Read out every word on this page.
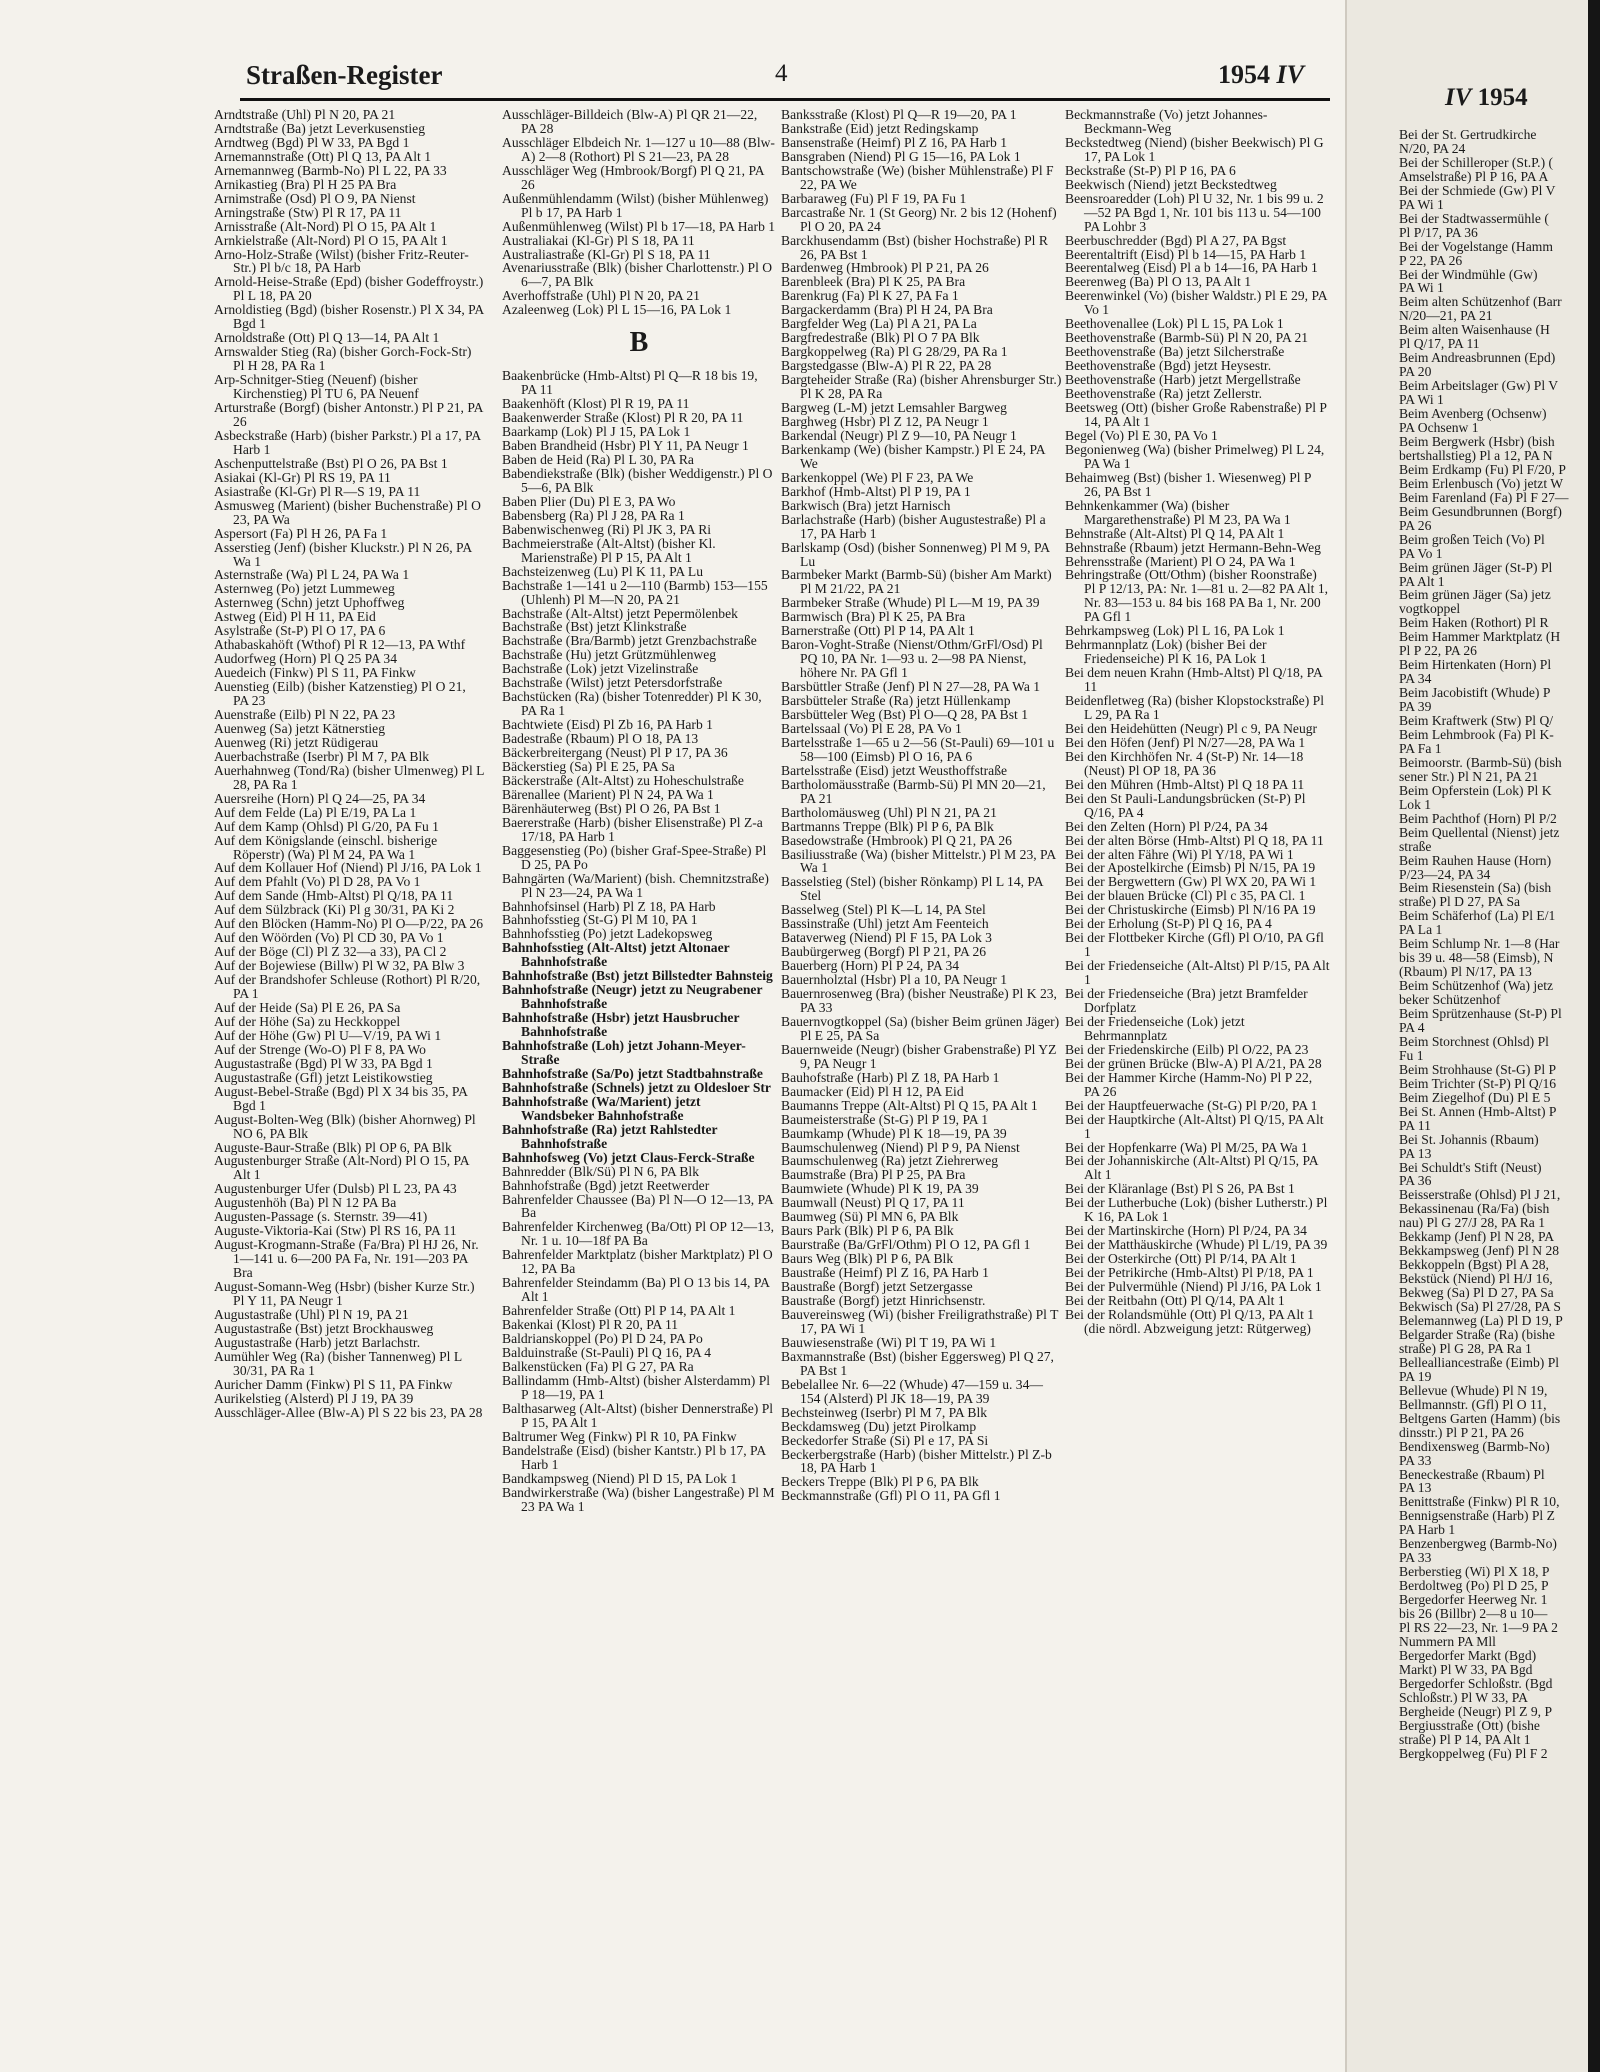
Straßen-Register	4	1954 IV

Arndtstraße (Uhl) Pl N 20, PA 21

Arndtstraße (Ba) jetzt Leverkusenstieg

Arndtweg (Bgd) Pl W 33, PA Bgd 1

Arnemannstraße (Ott) Pl Q 13, PA Alt 1

Arnemannweg (Barmb-No) Pl L 22, PA 33

Arnikastieg (Bra) Pl H 25 PA Bra

Arnimstraße (Osd) Pl O 9, PA Nienst

Arningstraße (Stw) Pl R 17, PA 11

Arnisstraße (Alt-Nord) Pl O 15, PA Alt 1

Arnkielstraße (Alt-Nord) Pl O 15, PA Alt 1

Arno-Holz-Straße (Wilst) (bisher Fritz-Reuter-Str.) Pl b/c 18, PA Harb

Arnold-Heise-Straße (Epd) (bisher Godeffroystr.) Pl L 18, PA 20

Arnoldistieg (Bgd) (bisher Rosenstr.) Pl X 34, PA Bgd 1

Arnoldstraße (Ott) Pl Q 13—14, PA Alt 1

Arnswalder Stieg (Ra) (bisher Gorch-Fock-Str) Pl H 28, PA Ra 1

Arp-Schnitger-Stieg (Neuenf) (bisher Kirchenstieg) Pl TU 6, PA Neuenf

Arturstraße (Borgf) (bisher Antonstr.) Pl P 21, PA 26

Asbeckstraße (Harb) (bisher Parkstr.) Pl a 17, PA Harb 1

Aschenputtelstraße (Bst) Pl O 26, PA Bst 1

Asiakai (Kl-Gr) Pl RS 19, PA 11

Asiastraße (Kl-Gr) Pl R—S 19, PA 11

Asmusweg (Marient) (bisher Buchenstraße) Pl O 23, PA Wa

Aspersort (Fa) Pl H 26, PA Fa 1

Asserstieg (Jenf) (bisher Kluckstr.) Pl N 26, PA Wa 1

Asternstraße (Wa) Pl L 24, PA Wa 1

Asternweg (Po) jetzt Lummeweg

Asternweg (Schn) jetzt Uphoffweg

Astweg (Eid) Pl H 11, PA Eid

Asylstraße (St-P) Pl O 17, PA 6

Athabaskahöft (Wthof) Pl R 12—13, PA Wthf

Audorfweg (Horn) Pl Q 25 PA 34

Auedeich (Finkw) Pl S 11, PA Finkw

Auenstieg (Eilb) (bisher Katzenstieg) Pl O 21, PA 23

Auenstraße (Eilb) Pl N 22, PA 23

Auenweg (Sa) jetzt Kätnerstieg

Auenweg (Ri) jetzt Rüdigerau

Auerbachstraße (Iserbr) Pl M 7, PA Blk

Auerhahnweg (Tond/Ra) (bisher Ulmenweg) Pl L 28, PA Ra 1

Auersreihe (Horn) Pl Q 24—25, PA 34

Auf dem Felde (La) Pl E/19, PA La 1

Auf dem Kamp (Ohlsd) Pl G/20, PA Fu 1

Auf dem Königslande (einschl. bisherige Röperstr) (Wa) Pl M 24, PA Wa 1

Auf dem Kollauer Hof (Niend) Pl J/16, PA Lok 1

Auf dem Pfahlt (Vo) Pl D 28, PA Vo 1

Auf dem Sande (Hmb-Altst) Pl Q/18, PA 11

Auf dem Sülzbrack (Ki) Pl g 30/31, PA Ki 2

Auf den Blöcken (Hamm-No) Pl O—P/22, PA 26

Auf den Wöörden (Vo) Pl CD 30, PA Vo 1

Auf der Böge (Cl) Pl Z 32—a 33), PA Cl 2

Auf der Bojewiese (Billw) Pl W 32, PA Blw 3

Auf der Brandshofer Schleuse (Rothort) Pl R/20, PA 1

Auf der Heide (Sa) Pl E 26, PA Sa

Auf der Höhe (Sa) zu Heckkoppel

Auf der Höhe (Gw) Pl U—V/19, PA Wi 1

Auf der Strenge (Wo-O) Pl F 8, PA Wo

Augustastraße (Bgd) Pl W 33, PA Bgd 1

Augustastraße (Gfl) jetzt Leistikowstieg

August-Bebel-Straße (Bgd) Pl X 34 bis 35, PA Bgd 1

August-Bolten-Weg (Blk) (bisher Ahornweg) Pl NO 6, PA Blk

Auguste-Baur-Straße (Blk) Pl OP 6, PA Blk

Augustenburger Straße (Alt-Nord) Pl O 15, PA Alt 1

Augustenburger Ufer (Dulsb) Pl L 23, PA 43

Augustenhöh (Ba) Pl N 12 PA Ba

Augusten-Passage (s. Sternstr. 39—41)

Auguste-Viktoria-Kai (Stw) Pl RS 16, PA 11

August-Krogmann-Straße (Fa/Bra) Pl HJ 26, Nr. 1—141 u. 6—200 PA Fa, Nr. 191—203 PA Bra

August-Somann-Weg (Hsbr) (bisher Kurze Str.) Pl Y 11, PA Neugr 1

Augustastraße (Uhl) Pl N 19, PA 21

Augustastraße (Bst) jetzt Brockhausweg

Augustastraße (Harb) jetzt Barlachstr.

Aumühler Weg (Ra) (bisher Tannenweg) Pl L 30/31, PA Ra 1

Auricher Damm (Finkw) Pl S 11, PA Finkw

Aurikelstieg (Alsterd) Pl J 19, PA 39

Ausschläger-Allee (Blw-A) Pl S 22 bis 23, PA 28

Ausschläger-Billdeich (Blw-A) Pl QR 21—22, PA 28

Ausschläger Elbdeich Nr. 1—127 u 10—88 (Blw-A) 2—8 (Rothort) Pl S 21—23, PA 28

Ausschläger Weg (Hmbrook/Borgf) Pl Q 21, PA 26

Außenmühlendamm (Wilst) (bisher Mühlenweg) Pl b 17, PA Harb 1

Außenmühlenweg (Wilst) Pl b 17—18, PA Harb 1

Australiakai (Kl-Gr) Pl S 18, PA 11

Australiastraße (Kl-Gr) Pl S 18, PA 11

Avenariusstraße (Blk) (bisher Charlottenstr.) Pl O 6—7, PA Blk

Averhoffstraße (Uhl) Pl N 20, PA 21

Azaleenweg (Lok) Pl L 15—16, PA Lok 1

B

Baakenbrücke (Hmb-Altst) Pl Q—R 18 bis 19, PA 11

Baakenhöft (Klost) Pl R 19, PA 11

Baakenwerder Straße (Klost) Pl R 20, PA 11

Baarkamp (Lok) Pl J 15, PA Lok 1

Baben Brandheid (Hsbr) Pl Y 11, PA Neugr 1

Baben de Heid (Ra) Pl L 30, PA Ra

Babendiekstraße (Blk) (bisher Weddigenstr.) Pl O 5—6, PA Blk

Baben Plier (Du) Pl E 3, PA Wo

Babensberg (Ra) Pl J 28, PA Ra 1

Babenwischenweg (Ri) Pl JK 3, PA Ri

Bachmeierstraße (Alt-Altst) (bisher Kl. Marienstraße) Pl P 15, PA Alt 1

Bachsteizenweg (Lu) Pl K 11, PA Lu

Bachstraße 1—141 u 2—110 (Barmb) 153—155 (Uhlenh) Pl M—N 20, PA 21

Bachstraße (Alt-Altst) jetzt Pepermölenbek

Bachstraße (Bst) jetzt Klinkstraße

Bachstraße (Bra/Barmb) jetzt Grenzbachstraße

Bachstraße (Hu) jetzt Grützmühlenweg

Bachstraße (Lok) jetzt Vizelinstraße

Bachstraße (Wilst) jetzt Petersdorfstraße

Bachstücken (Ra) (bisher Totenredder) Pl K 30, PA Ra 1

Bachtwiete (Eisd) Pl Zb 16, PA Harb 1

Badestraße (Rbaum) Pl O 18, PA 13

Bäckerbreitergang (Neust) Pl P 17, PA 36

Bäckerstieg (Sa) Pl E 25, PA Sa

Bäckerstraße (Alt-Altst) zu Hoheschulstraße

Bärenallee (Marient) Pl N 24, PA Wa 1

Bärenhäuterweg (Bst) Pl O 26, PA Bst 1

Baererstraße (Harb) (bisher Elisenstraße) Pl Z-a 17/18, PA Harb 1

Baggesenstieg (Po) (bisher Graf-Spee-Straße) Pl D 25, PA Po

Bahngärten (Wa/Marient) (bish. Chemnitzstraße) Pl N 23—24, PA Wa 1

Bahnhofsinsel (Harb) Pl Z 18, PA Harb

Bahnhofsstieg (St-G) Pl M 10, PA 1

Bahnhofsstieg (Po) jetzt Ladekopsweg

Bahnhofsstieg (Alt-Altst) jetzt Altonaer Bahnhofstraße

Bahnhofstraße (Bst) jetzt Billstedter Bahnsteig

Bahnhofstraße (Neugr) jetzt zu Neugrabener Bahnhofstraße

Bahnhofstraße (Hsbr) jetzt Hausbrucher Bahnhofstraße

Bahnhofstraße (Loh) jetzt Johann-Meyer-Straße

Bahnhofstraße (Sa/Po) jetzt Stadtbahnstraße

Bahnhofstraße (Schnels) jetzt zu Oldesloer Str

Bahnhofstraße (Wa/Marient) jetzt Wandsbeker Bahnhofstraße

Bahnhofstraße (Ra) jetzt Rahlstedter Bahnhofstraße

Bahnhofsweg (Vo) jetzt Claus-Ferck-Straße

Bahnredder (Blk/Sü) Pl N 6, PA Blk

Bahnhofstraße (Bgd) jetzt Reetwerder

Bahrenfelder Chaussee (Ba) Pl N—O 12—13, PA Ba

Bahrenfelder Kirchenweg (Ba/Ott) Pl OP 12—13, Nr. 1 u. 10—18f PA Ba

Bahrenfelder Marktplatz (bisher Marktplatz) Pl O 12, PA Ba

Bahrenfelder Steindamm (Ba) Pl O 13 bis 14, PA Alt 1

Bahrenfelder Straße (Ott) Pl P 14, PA Alt 1

Bakenkai (Klost) Pl R 20, PA 11

Baldrianskoppel (Po) Pl D 24, PA Po

Balduinstraße (St-Pauli) Pl Q 16, PA 4

Balkenstücken (Fa) Pl G 27, PA Ra

Ballindamm (Hmb-Altst) (bisher Alsterdamm) Pl P 18—19, PA 1

Balthasarweg (Alt-Altst) (bisher Dennerstraße) Pl P 15, PA Alt 1

Baltrumer Weg (Finkw) Pl R 10, PA Finkw

Bandelstraße (Eisd) (bisher Kantstr.) Pl b 17, PA Harb 1

Bandkampsweg (Niend) Pl D 15, PA Lok 1

Bandwirkerstraße (Wa) (bisher Langestraße) Pl M 23 PA Wa 1

Banksstraße (Klost) Pl Q—R 19—20, PA 1

Bankstraße (Eid) jetzt Redingskamp

Bansenstraße (Heimf) Pl Z 16, PA Harb 1

Bansgraben (Niend) Pl G 15—16, PA Lok 1

Bantschowstraße (We) (bisher Mühlenstraße) Pl F 22, PA We

Barbaraweg (Fu) Pl F 19, PA Fu 1

Barcastraße Nr. 1 (St Georg) Nr. 2 bis 12 (Hohenf) Pl O 20, PA 24

Barckhusendamm (Bst) (bisher Hochstraße) Pl R 26, PA Bst 1

Bardenweg (Hmbrook) Pl P 21, PA 26

Barenbleek (Bra) Pl K 25, PA Bra

Barenkrug (Fa) Pl K 27, PA Fa 1

Bargackerdamm (Bra) Pl H 24, PA Bra

Bargfelder Weg (La) Pl A 21, PA La

Bargfredestraße (Blk) Pl O 7 PA Blk

Bargkoppelweg (Ra) Pl G 28/29, PA Ra 1

Bargstedgasse (Blw-A) Pl R 22, PA 28

Bargteheider Straße (Ra) (bisher Ahrensburger Str.) Pl K 28, PA Ra

Bargweg (L-M) jetzt Lemsahler Bargweg

Barghweg (Hsbr) Pl Z 12, PA Neugr 1

Barkendal (Neugr) Pl Z 9—10, PA Neugr 1

Barkenkamp (We) (bisher Kampstr.) Pl E 24, PA We

Barkenkoppel (We) Pl F 23, PA We

Barkhof (Hmb-Altst) Pl P 19, PA 1

Barkwisch (Bra) jetzt Harnisch

Barlachstraße (Harb) (bisher Augustestraße) Pl a 17, PA Harb 1

Barlskamp (Osd) (bisher Sonnenweg) Pl M 9, PA Lu

Barmbeker Markt (Barmb-Sü) (bisher Am Markt) Pl M 21/22, PA 21

Barmbeker Straße (Whude) Pl L—M 19, PA 39

Barmwisch (Bra) Pl K 25, PA Bra

Barnerstraße (Ott) Pl P 14, PA Alt 1

Baron-Voght-Straße (Nienst/Othm/GrFl/Osd) Pl PQ 10, PA Nr. 1—93 u. 2—98 PA Nienst, höhere Nr. PA Gfl 1

Barsbüttler Straße (Jenf) Pl N 27—28, PA Wa 1

Barsbütteler Straße (Ra) jetzt Hüllenkamp

Barsbütteler Weg (Bst) Pl O—Q 28, PA Bst 1

Bartelssaal (Vo) Pl E 28, PA Vo 1

Bartelsstraße 1—65 u 2—56 (St-Pauli) 69—101 u 58—100 (Eimsb) Pl O 16, PA 6

Bartelsstraße (Eisd) jetzt Weusthoffstraße

Bartholomäusstraße (Barmb-Sü) Pl MN 20—21, PA 21

Bartholomäusweg (Uhl) Pl N 21, PA 21

Bartmanns Treppe (Blk) Pl P 6, PA Blk

Basedowstraße (Hmbrook) Pl Q 21, PA 26

Basiliusstraße (Wa) (bisher Mittelstr.) Pl M 23, PA Wa 1

Basselstieg (Stel) (bisher Rönkamp) Pl L 14, PA Stel

Basselweg (Stel) Pl K—L 14, PA Stel

Bassinstraße (Uhl) jetzt Am Feenteich

Bataverweg (Niend) Pl F 15, PA Lok 3

Baubürgerweg (Borgf) Pl P 21, PA 26

Bauerberg (Horn) Pl P 24, PA 34

Bauernholztal (Hsbr) Pl a 10, PA Neugr 1

Bauernrosenweg (Bra) (bisher Neustraße) Pl K 23, PA 33

Bauernvogtkoppel (Sa) (bisher Beim grünen Jäger) Pl E 25, PA Sa

Bauernweide (Neugr) (bisher Grabenstraße) Pl YZ 9, PA Neugr 1

Bauhofstraße (Harb) Pl Z 18, PA Harb 1

Baumacker (Eid) Pl H 12, PA Eid

Baumanns Treppe (Alt-Altst) Pl Q 15, PA Alt 1

Baumeisterstraße (St-G) Pl P 19, PA 1

Baumkamp (Whude) Pl K 18—19, PA 39

Baumschulenweg (Niend) Pl P 9, PA Nienst

Baumschulenweg (Ra) jetzt Ziehrerweg

Baumstraße (Bra) Pl P 25, PA Bra

Baumwiete (Whude) Pl K 19, PA 39

Baumwall (Neust) Pl Q 17, PA 11

Baumweg (Sü) Pl MN 6, PA Blk

Baurs Park (Blk) Pl P 6, PA Blk

Baurstraße (Ba/GrFl/Othm) Pl O 12, PA Gfl 1

Baurs Weg (Blk) Pl P 6, PA Blk

Baustraße (Heimf) Pl Z 16, PA Harb 1

Baustraße (Borgf) jetzt Setzergasse

Baustraße (Borgf) jetzt Hinrichsenstr.

Bauvereinsweg (Wi) (bisher Freiligrathstraße) Pl T 17, PA Wi 1

Bauwiesenstraße (Wi) Pl T 19, PA Wi 1

Baxmannstraße (Bst) (bisher Eggersweg) Pl Q 27, PA Bst 1

Bebelallee Nr. 6—22 (Whude) 47—159 u. 34—154 (Alsterd) Pl JK 18—19, PA 39

Bechsteinweg (Iserbr) Pl M 7, PA Blk

Beckdamsweg (Du) jetzt Pirolkamp

Beckedorfer Straße (Si) Pl e 17, PA Si

Beckerbergstraße (Harb) (bisher Mittelstr.) Pl Z-b 18, PA Harb 1

Beckers Treppe (Blk) Pl P 6, PA Blk

Beckmannstraße (Gfl) Pl O 11, PA Gfl 1

Beckmannstraße (Vo) jetzt Johannes-Beckmann-Weg

Beckstedtweg (Niend) (bisher Beekwisch) Pl G 17, PA Lok 1

Beckstraße (St-P) Pl P 16, PA 6

Beekwisch (Niend) jetzt Beckstedtweg

Beensroaredder (Loh) Pl U 32, Nr. 1 bis 99 u. 2—52 PA Bgd 1, Nr. 101 bis 113 u. 54—100 PA Lohbr 3

Beerbuschredder (Bgd) Pl A 27, PA Bgst

Beerentaltrift (Eisd) Pl b 14—15, PA Harb 1

Beerentalweg (Eisd) Pl a b 14—16, PA Harb 1

Beerenweg (Ba) Pl O 13, PA Alt 1

Beerenwinkel (Vo) (bisher Waldstr.) Pl E 29, PA Vo 1

Beethovenallee (Lok) Pl L 15, PA Lok 1

Beethovenstraße (Barmb-Sü) Pl N 20, PA 21

Beethovenstraße (Ba) jetzt Silcherstraße

Beethovenstraße (Bgd) jetzt Heysestr.

Beethovenstraße (Harb) jetzt Mergellstraße

Beethovenstraße (Ra) jetzt Zellerstr.

Beetsweg (Ott) (bisher Große Rabenstraße) Pl P 14, PA Alt 1

Begel (Vo) Pl E 30, PA Vo 1

Begonienweg (Wa) (bisher Primelweg) Pl L 24, PA Wa 1

Behaimweg (Bst) (bisher 1. Wiesenweg) Pl P 26, PA Bst 1

Behnkenkammer (Wa) (bisher Margarethenstraße) Pl M 23, PA Wa 1

Behnstraße (Alt-Altst) Pl Q 14, PA Alt 1

Behnstraße (Rbaum) jetzt Hermann-Behn-Weg

Behrensstraße (Marient) Pl O 24, PA Wa 1

Behringstraße (Ott/Othm) (bisher Roonstraße) Pl P 12/13, PA: Nr. 1—81 u. 2—82 PA Alt 1, Nr. 83—153 u. 84 bis 168 PA Ba 1, Nr. 200 PA Gfl 1

Behrkampsweg (Lok) Pl L 16, PA Lok 1

Behrmannplatz (Lok) (bisher Bei der Friedenseiche) Pl K 16, PA Lok 1

Bei dem neuen Krahn (Hmb-Altst) Pl Q/18, PA 11

Beidenfletweg (Ra) (bisher Klopstockstraße) Pl L 29, PA Ra 1

Bei den Heidehütten (Neugr) Pl c 9, PA Neugr

Bei den Höfen (Jenf) Pl N/27—28, PA Wa 1

Bei den Kirchhöfen Nr. 4 (St-P) Nr. 14—18 (Neust) Pl OP 18, PA 36

Bei den Mühren (Hmb-Altst) Pl Q 18 PA 11

Bei den St Pauli-Landungsbrücken (St-P) Pl Q/16, PA 4

Bei den Zelten (Horn) Pl P/24, PA 34

Bei der alten Börse (Hmb-Altst) Pl Q 18, PA 11

Bei der alten Fähre (Wi) Pl Y/18, PA Wi 1

Bei der Apostelkirche (Eimsb) Pl N/15, PA 19

Bei der Bergwettern (Gw) Pl WX 20, PA Wi 1

Bei der blauen Brücke (Cl) Pl c 35, PA Cl. 1

Bei der Christuskirche (Eimsb) Pl N/16 PA 19

Bei der Erholung (St-P) Pl Q 16, PA 4

Bei der Flottbeker Kirche (Gfl) Pl O/10, PA Gfl 1

Bei der Friedenseiche (Alt-Altst) Pl P/15, PA Alt 1

Bei der Friedenseiche (Bra) jetzt Bramfelder Dorfplatz

Bei der Friedenseiche (Lok) jetzt Behrmannplatz

Bei der Friedenskirche (Eilb) Pl O/22, PA 23

Bei der grünen Brücke (Blw-A) Pl A/21, PA 28

Bei der Hammer Kirche (Hamm-No) Pl P 22, PA 26

Bei der Hauptfeuerwache (St-G) Pl P/20, PA 1

Bei der Hauptkirche (Alt-Altst) Pl Q/15, PA Alt 1

Bei der Hopfenkarre (Wa) Pl M/25, PA Wa 1

Bei der Johanniskirche (Alt-Altst) Pl Q/15, PA Alt 1

Bei der Kläranlage (Bst) Pl S 26, PA Bst 1

Bei der Lutherbuche (Lok) (bisher Lutherstr.) Pl K 16, PA Lok 1

Bei der Martinskirche (Horn) Pl P/24, PA 34

Bei der Matthäuskirche (Whude) Pl L/19, PA 39

Bei der Osterkirche (Ott) Pl P/14, PA Alt 1

Bei der Petrikirche (Hmb-Altst) Pl P/18, PA 1

Bei der Pulvermühle (Niend) Pl J/16, PA Lok 1

Bei der Reitbahn (Ott) Pl Q/14, PA Alt 1

Bei der Rolandsmühle (Ott) Pl Q/13, PA Alt 1 (die nördl. Abzweigung jetzt: Rütgerweg)

IV 1954

Bei der St. Gertrudkirche

N/20, PA 24

Bei der Schilleroper (St.P.) (

Amselstraße) Pl P 16, PA A

Bei der Schmiede (Gw) Pl V

PA Wi 1

Bei der Stadtwassermühle (

Pl P/17, PA 36

Bei der Vogelstange (Hamm

P 22, PA 26

Bei der Windmühle (Gw)

PA Wi 1

Beim alten Schützenhof (Barr

N/20—21, PA 21

Beim alten Waisenhause (H

Pl Q/17, PA 11

Beim Andreasbrunnen (Epd)

PA 20

Beim Arbeitslager (Gw) Pl V

PA Wi 1

Beim Avenberg (Ochsenw)

PA Ochsenw 1

Beim Bergwerk (Hsbr) (bish

bertshallstieg) Pl a 12, PA N

Beim Erdkamp (Fu) Pl F/20, P

Beim Erlenbusch (Vo) jetzt W

Beim Farenland (Fa) Pl F 27—

Beim Gesundbrunnen (Borgf)

PA 26

Beim großen Teich (Vo) Pl

PA Vo 1

Beim grünen Jäger (St-P) Pl

PA Alt 1

Beim grünen Jäger (Sa) jetz

vogtkoppel

Beim Haken (Rothort) Pl R

Beim Hammer Marktplatz (H

Pl P 22, PA 26

Beim Hirtenkaten (Horn) Pl

PA 34

Beim Jacobistift (Whude) P

PA 39

Beim Kraftwerk (Stw) Pl Q/

Beim Lehmbrook (Fa) Pl K-

PA Fa 1

Beimoorstr. (Barmb-Sü) (bish

sener Str.) Pl N 21, PA 21

Beim Opferstein (Lok) Pl K

Lok 1

Beim Pachthof (Horn) Pl P/2

Beim Quellental (Nienst) jetz

straße

Beim Rauhen Hause (Horn)

P/23—24, PA 34

Beim Riesenstein (Sa) (bish

straße) Pl D 27, PA Sa

Beim Schäferhof (La) Pl E/1

PA La 1

Beim Schlump Nr. 1—8 (Har

bis 39 u. 48—58 (Eimsb), N

(Rbaum) Pl N/17, PA 13

Beim Schützenhof (Wa) jetz

beker Schützenhof

Beim Sprützenhause (St-P) Pl

PA 4

Beim Storchnest (Ohlsd) Pl

Fu 1

Beim Strohhause (St-G) Pl P

Beim Trichter (St-P) Pl Q/16

Beim Ziegelhof (Du) Pl E 5

Bei St. Annen (Hmb-Altst) P

PA 11

Bei St. Johannis (Rbaum)

PA 13

Bei Schuldt's Stift (Neust)

PA 36

Beisserstraße (Ohlsd) Pl J 21,

Bekassinenau (Ra/Fa) (bish

nau) Pl G 27/J 28, PA Ra 1

Bekkamp (Jenf) Pl N 28, PA

Bekkampsweg (Jenf) Pl N 28

Bekkoppeln (Bgst) Pl A 28,

Bekstück (Niend) Pl H/J 16,

Bekweg (Sa) Pl D 27, PA Sa

Bekwisch (Sa) Pl 27/28, PA S

Belemannweg (La) Pl D 19, P

Belgarder Straße (Ra) (bishe

straße) Pl G 28, PA Ra 1

Bellealliancestraße (Eimb) Pl

PA 19

Bellevue (Whude) Pl N 19,

Bellmannstr. (Gfl) Pl O 11,

Beltgens Garten (Hamm) (bis

dinsstr.) Pl P 21, PA 26

Bendixensweg (Barmb-No)

PA 33

Beneckestraße (Rbaum) Pl

PA 13

Benittstraße (Finkw) Pl R 10,

Bennigsenstraße (Harb) Pl Z

PA Harb 1

Benzenbergweg (Barmb-No)

PA 33

Berberstieg (Wi) Pl X 18, P

Berdoltweg (Po) Pl D 25, P

Bergedorfer Heerweg Nr. 1

bis 26 (Billbr) 2—8 u 10—

Pl RS 22—23, Nr. 1—9 PA 2

Nummern PA Mll

Bergedorfer Markt (Bgd)

Markt) Pl W 33, PA Bgd

Bergedorfer Schloßstr. (Bgd

Schloßstr.) Pl W 33, PA

Bergheide (Neugr) Pl Z 9, P

Bergiusstraße (Ott) (bishe

straße) Pl P 14, PA Alt 1

Bergkoppelweg (Fu) Pl F 2
